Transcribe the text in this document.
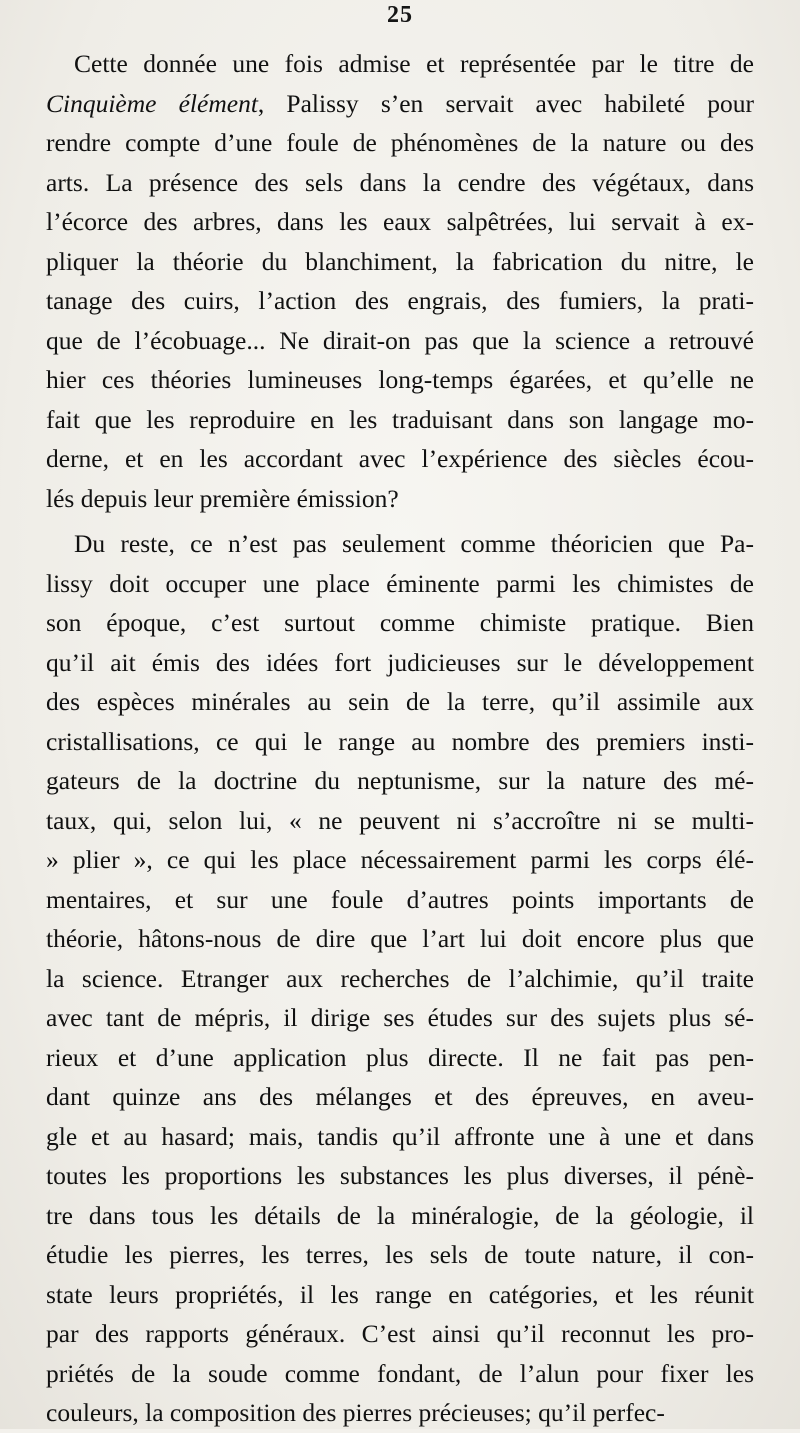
25

Cette donnée une fois admise et représentée par le titre de
Cinquième élément, Palissy s’en servait avec habileté pour
rendre compte d’une foule de phénomènes de la nature ou des
arts. La présence des sels dans la cendre des végétaux, dans
l’écorce des arbres, dans les eaux salpêtrées, lui servait à ex-
pliquer la théorie du blanchiment, la fabrication du nitre, le
tanage des cuirs, l’action des engrais, des fumiers, la prati-
que de l’écobuage... Ne dirait-on pas que la science a retrouvé
hier ces théories lumineuses long-temps égarées, et qu’elle ne
fait que les reproduire en les traduisant dans son langage mo-
derne, et en les accordant avec l’expérience des siècles écou-
lés depuis leur première émission?

Du reste, ce n’est pas seulement comme théoricien que Pa-
lissy doit occuper une place éminente parmi les chimistes de
son époque, c’est surtout comme chimiste pratique. Bien
qu’il ait émis des idées fort judicieuses sur le développement
des espèces minérales au sein de la terre, qu’il assimile aux
cristallisations, ce qui le range au nombre des premiers insti-
gateurs de la doctrine du neptunisme, sur la nature des mé-
taux, qui, selon lui, « ne peuvent ni s’accroître ni se multi-
» plier », ce qui les place nécessairement parmi les corps élé-
mentaires, et sur une foule d’autres points importants de
théorie, hâtons-nous de dire que l’art lui doit encore plus que
la science. Etranger aux recherches de l’alchimie, qu’il traite
avec tant de mépris, il dirige ses études sur des sujets plus sé-
rieux et d’une application plus directe. Il ne fait pas pen-
dant quinze ans des mélanges et des épreuves, en aveu-
gle et au hasard; mais, tandis qu’il affronte une à une et dans
toutes les proportions les substances les plus diverses, il pénè-
tre dans tous les détails de la minéralogie, de la géologie, il
étudie les pierres, les terres, les sels de toute nature, il con-
state leurs propriétés, il les range en catégories, et les réunit
par des rapports généraux. C’est ainsi qu’il reconnut les pro-
priétés de la soude comme fondant, de l’alun pour fixer les
couleurs, la composition des pierres précieuses; qu’il perfec-
